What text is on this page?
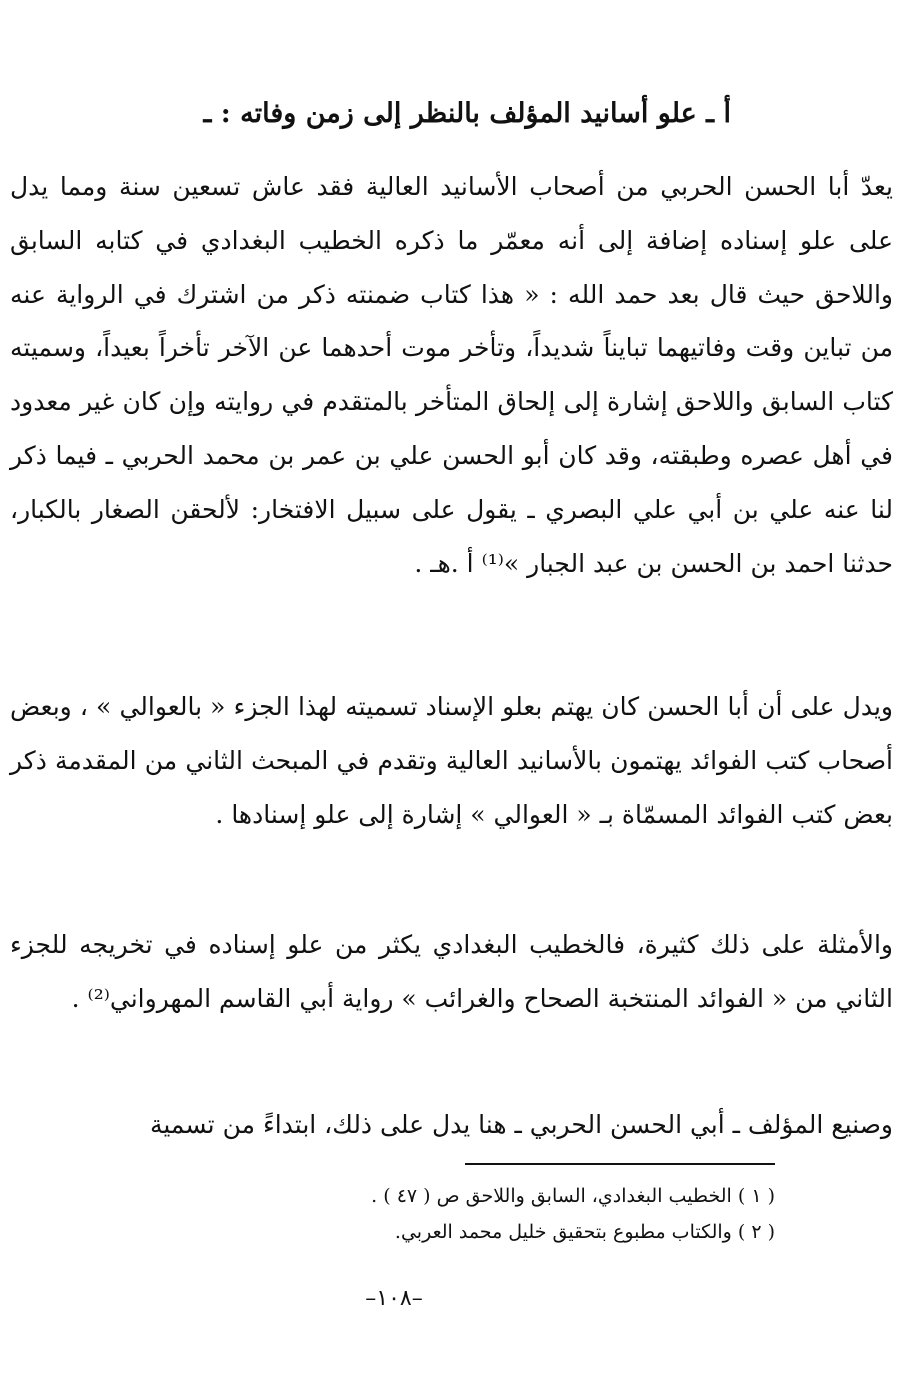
أ ـ علو أسانيد المؤلف بالنظر إلى زمن وفاته : ـ

يعدّ أبا الحسن الحربي من أصحاب الأسانيد العالية فقد عاش تسعين سنة ومما يدل على علو إسناده إضافة إلى أنه معمّر ما ذكره الخطيب البغدادي في كتابه السابق واللاحق حيث قال بعد حمد الله : « هذا كتاب ضمنته ذكر من اشترك في الرواية عنه من تباين وقت وفاتيهما تبايناً شديداً، وتأخر موت أحدهما عن الآخر تأخراً بعيداً، وسميته كتاب السابق واللاحق إشارة إلى إلحاق المتأخر بالمتقدم في روايته وإن كان غير معدود في أهل عصره وطبقته، وقد كان أبو الحسن علي بن عمر بن محمد الحربي ـ فيما ذكر لنا عنه علي بن أبي علي البصري ـ يقول على سبيل الافتخار: لألحقن الصغار بالكبار، حدثنا احمد بن الحسن بن عبد الجبار »⁽¹⁾ أ .هـ .

ويدل على أن أبا الحسن كان يهتم بعلو الإسناد تسميته لهذا الجزء « بالعوالي » ، وبعض أصحاب كتب الفوائد يهتمون بالأسانيد العالية وتقدم في المبحث الثاني من المقدمة ذكر بعض كتب الفوائد المسمّاة بـ « العوالي » إشارة إلى علو إسنادها .

والأمثلة على ذلك كثيرة، فالخطيب البغدادي يكثر من علو إسناده في تخريجه للجزء الثاني من « الفوائد المنتخبة الصحاح والغرائب » رواية أبي القاسم المهرواني⁽²⁾ .

وصنيع المؤلف ـ أبي الحسن الحربي ـ هنا يدل على ذلك، ابتداءً من تسمية

( ١ ) الخطيب البغدادي، السابق واللاحق ص ( ٤٧ ) .
( ٢ ) والكتاب مطبوع بتحقيق خليل محمد العربي.
–١٠٨–
